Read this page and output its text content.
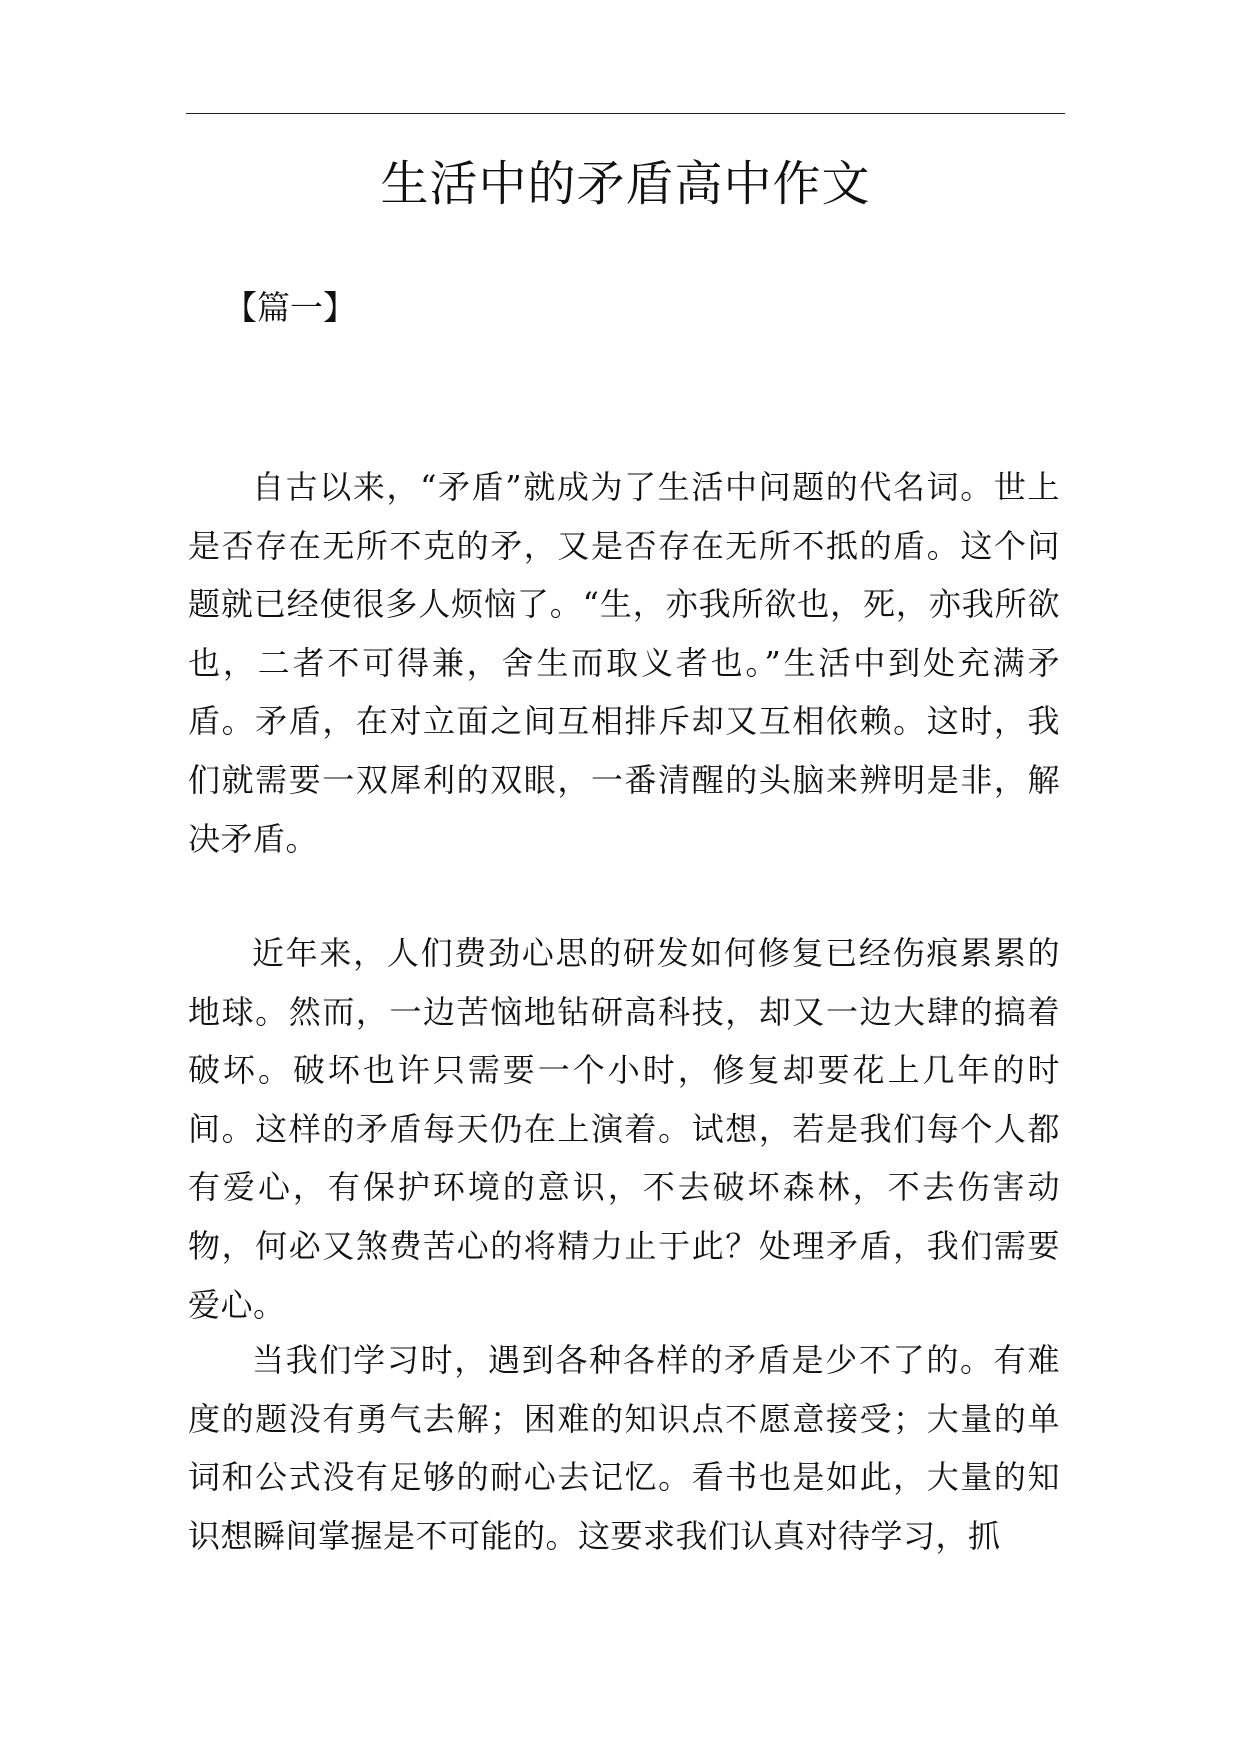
生活中的矛盾高中作文

【篇一】

自古以来，“矛盾”就成为了生活中问题的代名词。世上是否存在无所不克的矛，又是否存在无所不抵的盾。这个问题就已经使很多人烦恼了。“生，亦我所欲也，死，亦我所欲也，二者不可得兼，舍生而取义者也。”生活中到处充满矛盾。矛盾，在对立面之间互相排斥却又互相依赖。这时，我们就需要一双犀利的双眼，一番清醒的头脑来辨明是非，解决矛盾。

近年来，人们费劲心思的研发如何修复已经伤痕累累的地球。然而，一边苦恼地钻研高科技，却又一边大肆的搞着破坏。破坏也许只需要一个小时，修复却要花上几年的时间。这样的矛盾每天仍在上演着。试想，若是我们每个人都有爱心，有保护环境的意识，不去破坏森林，不去伤害动物，何必又煞费苦心的将精力止于此？处理矛盾，我们需要爱心。

当我们学习时，遇到各种各样的矛盾是少不了的。有难度的题没有勇气去解；困难的知识点不愿意接受；大量的单词和公式没有足够的耐心去记忆。看书也是如此，大量的知识想瞬间掌握是不可能的。这要求我们认真对待学习，抓
